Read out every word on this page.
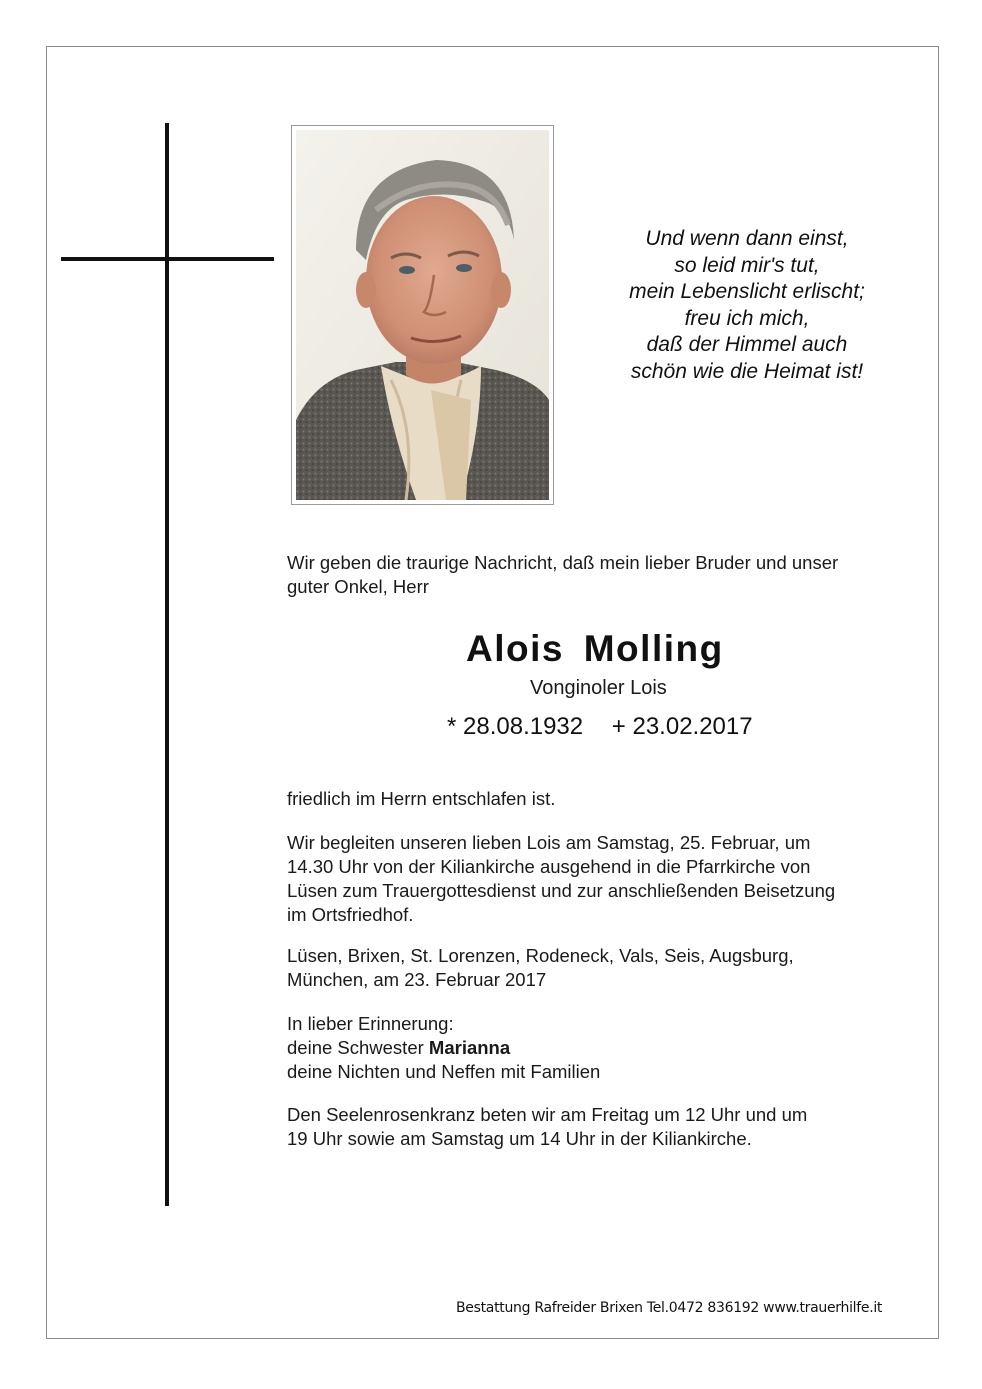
Und wenn dann einst,
so leid mir's tut,
mein Lebenslicht erlischt;
freu ich mich,
daß der Himmel auch
schön wie die Heimat ist!
Wir geben die traurige Nachricht, daß mein lieber Bruder und unser
guter Onkel, Herr
Alois Molling
Vonginoler Lois
* 28.08.1932 + 23.02.2017
friedlich im Herrn entschlafen ist.
Wir begleiten unseren lieben Lois am Samstag, 25. Februar, um
14.30 Uhr von der Kiliankirche ausgehend in die Pfarrkirche von
Lüsen zum Trauergottesdienst und zur anschließenden Beisetzung
im Ortsfriedhof.
Lüsen, Brixen, St. Lorenzen, Rodeneck, Vals, Seis, Augsburg,
München, am 23. Februar 2017
In lieber Erinnerung:
deine Schwester Marianna
deine Nichten und Neffen mit Familien
Den Seelenrosenkranz beten wir am Freitag um 12 Uhr und um
19 Uhr sowie am Samstag um 14 Uhr in der Kiliankirche.
Bestattung Rafreider Brixen Tel.0472 836192 www.trauerhilfe.it
